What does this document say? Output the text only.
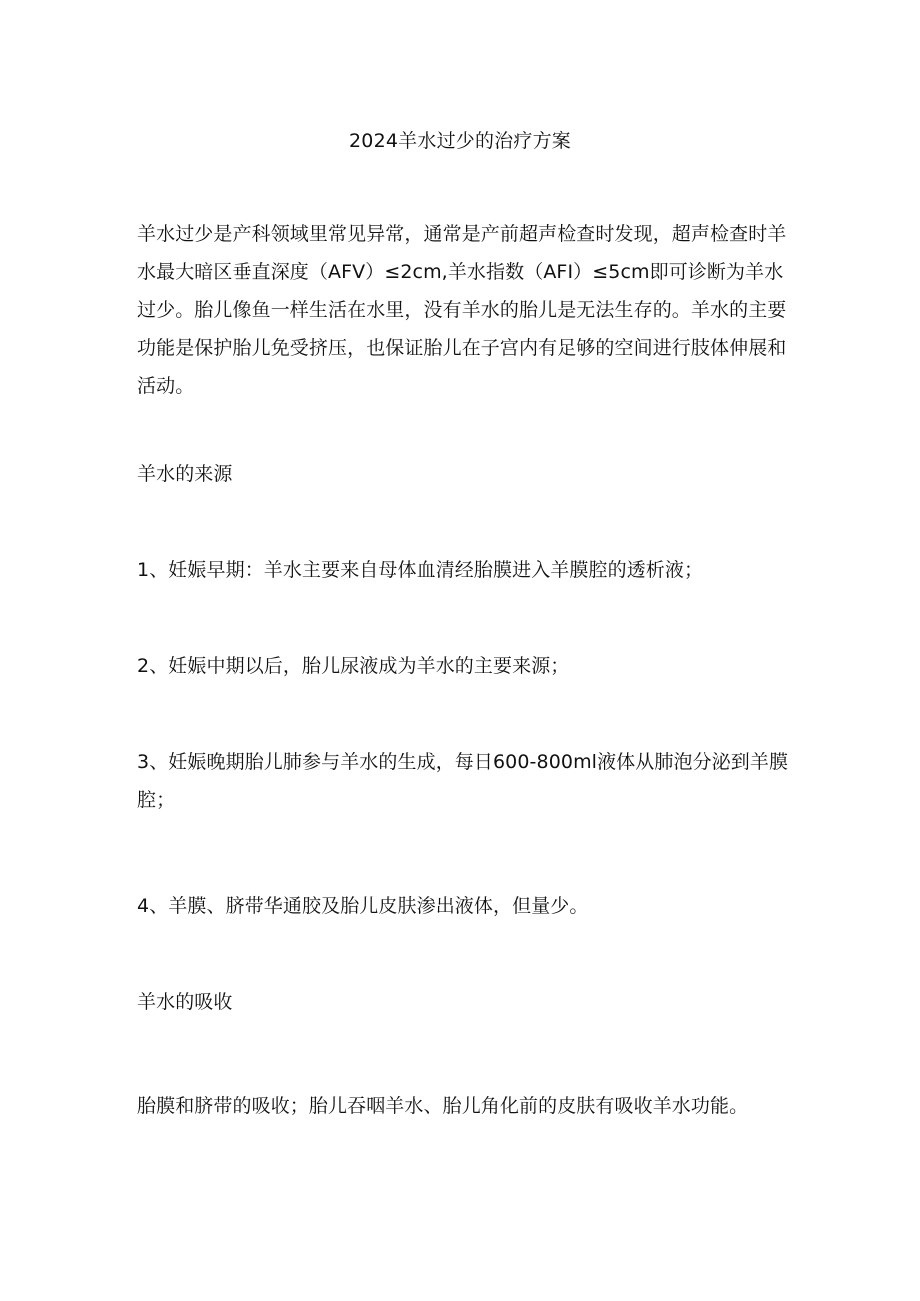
2024羊水过少的治疗方案
羊水过少是产科领域里常见异常，通常是产前超声检查时发现，超声检查时羊水最大暗区垂直深度（AFV）≤2cm,羊水指数（AFI）≤5cm即可诊断为羊水过少。胎儿像鱼一样生活在水里，没有羊水的胎儿是无法生存的。羊水的主要功能是保护胎儿免受挤压，也保证胎儿在子宫内有足够的空间进行肢体伸展和活动。
羊水的来源
1、妊娠早期：羊水主要来自母体血清经胎膜进入羊膜腔的透析液；
2、妊娠中期以后，胎儿尿液成为羊水的主要来源；
3、妊娠晚期胎儿肺参与羊水的生成，每日600-800ml液体从肺泡分泌到羊膜腔；
4、羊膜、脐带华通胶及胎儿皮肤渗出液体，但量少。
羊水的吸收
胎膜和脐带的吸收；胎儿吞咽羊水、胎儿角化前的皮肤有吸收羊水功能。
